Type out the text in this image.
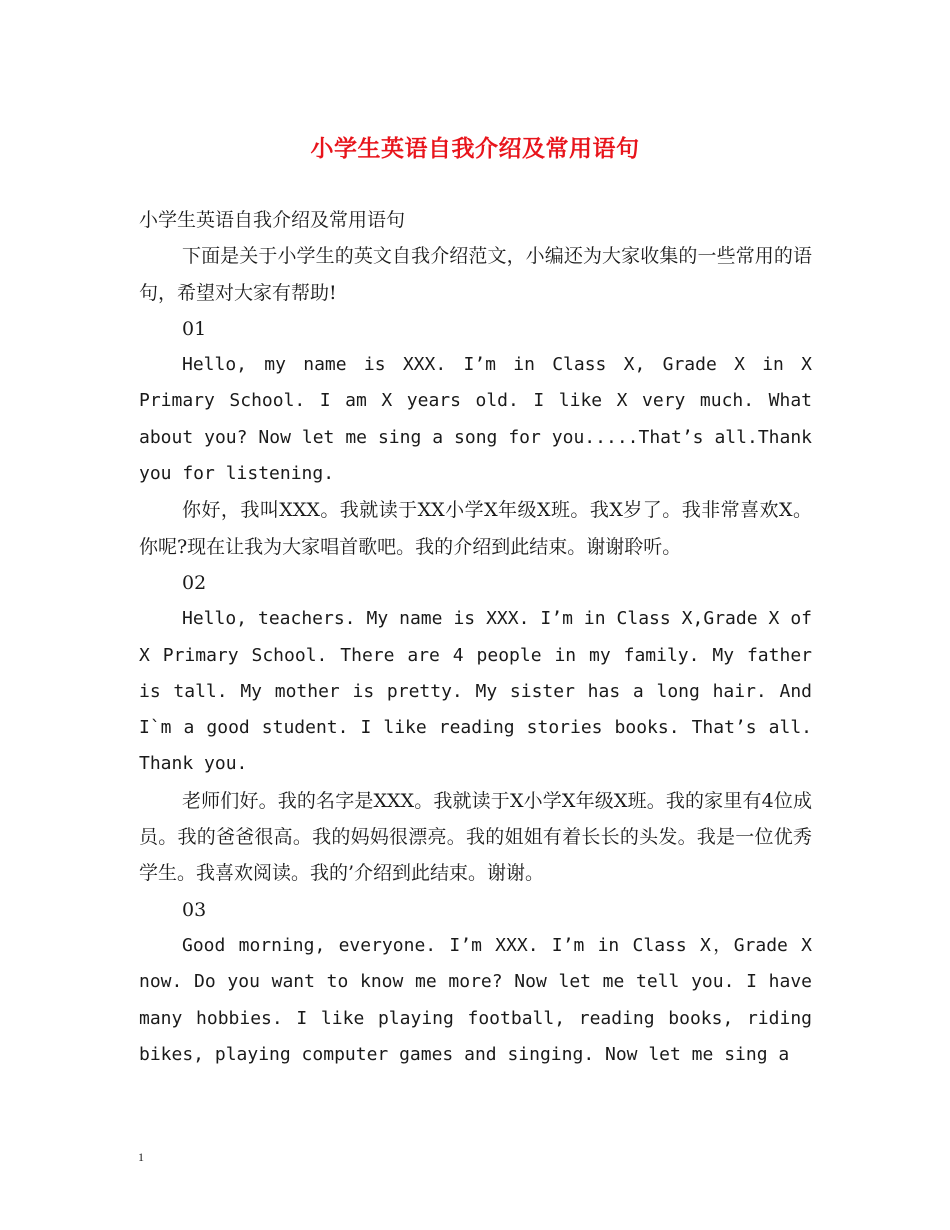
小学生英语自我介绍及常用语句

小学生英语自我介绍及常用语句

下面是关于小学生的英文自我介绍范文，小编还为大家收集的一些常用的语句，希望对大家有帮助!

01

Hello, my name is XXX. I’m in Class X, Grade X in X Primary School. I am X years old. I like X very much. What about you? Now let me sing a song for you.....That’s all.Thank you for listening.

你好，我叫XXX。我就读于XX小学X年级X班。我X岁了。我非常喜欢X。你呢?现在让我为大家唱首歌吧。我的介绍到此结束。谢谢聆听。

02

Hello, teachers. My name is XXX. I’m in Class X,Grade X of X Primary School. There are 4 people in my family. My father is tall. My mother is pretty. My sister has a long hair. And I`m a good student. I like reading stories books. That’s all. Thank you.

老师们好。我的名字是XXX。我就读于X小学X年级X班。我的家里有4位成员。我的爸爸很高。我的妈妈很漂亮。我的姐姐有着长长的头发。我是一位优秀学生。我喜欢阅读。我的’介绍到此结束。谢谢。

03

Good morning, everyone. I’m XXX. I’m in Class X，Grade X now. Do you want to know me more? Now let me tell you. I have many hobbies. I like playing football, reading books, riding bikes, playing computer games and singing. Now let me sing a

1
